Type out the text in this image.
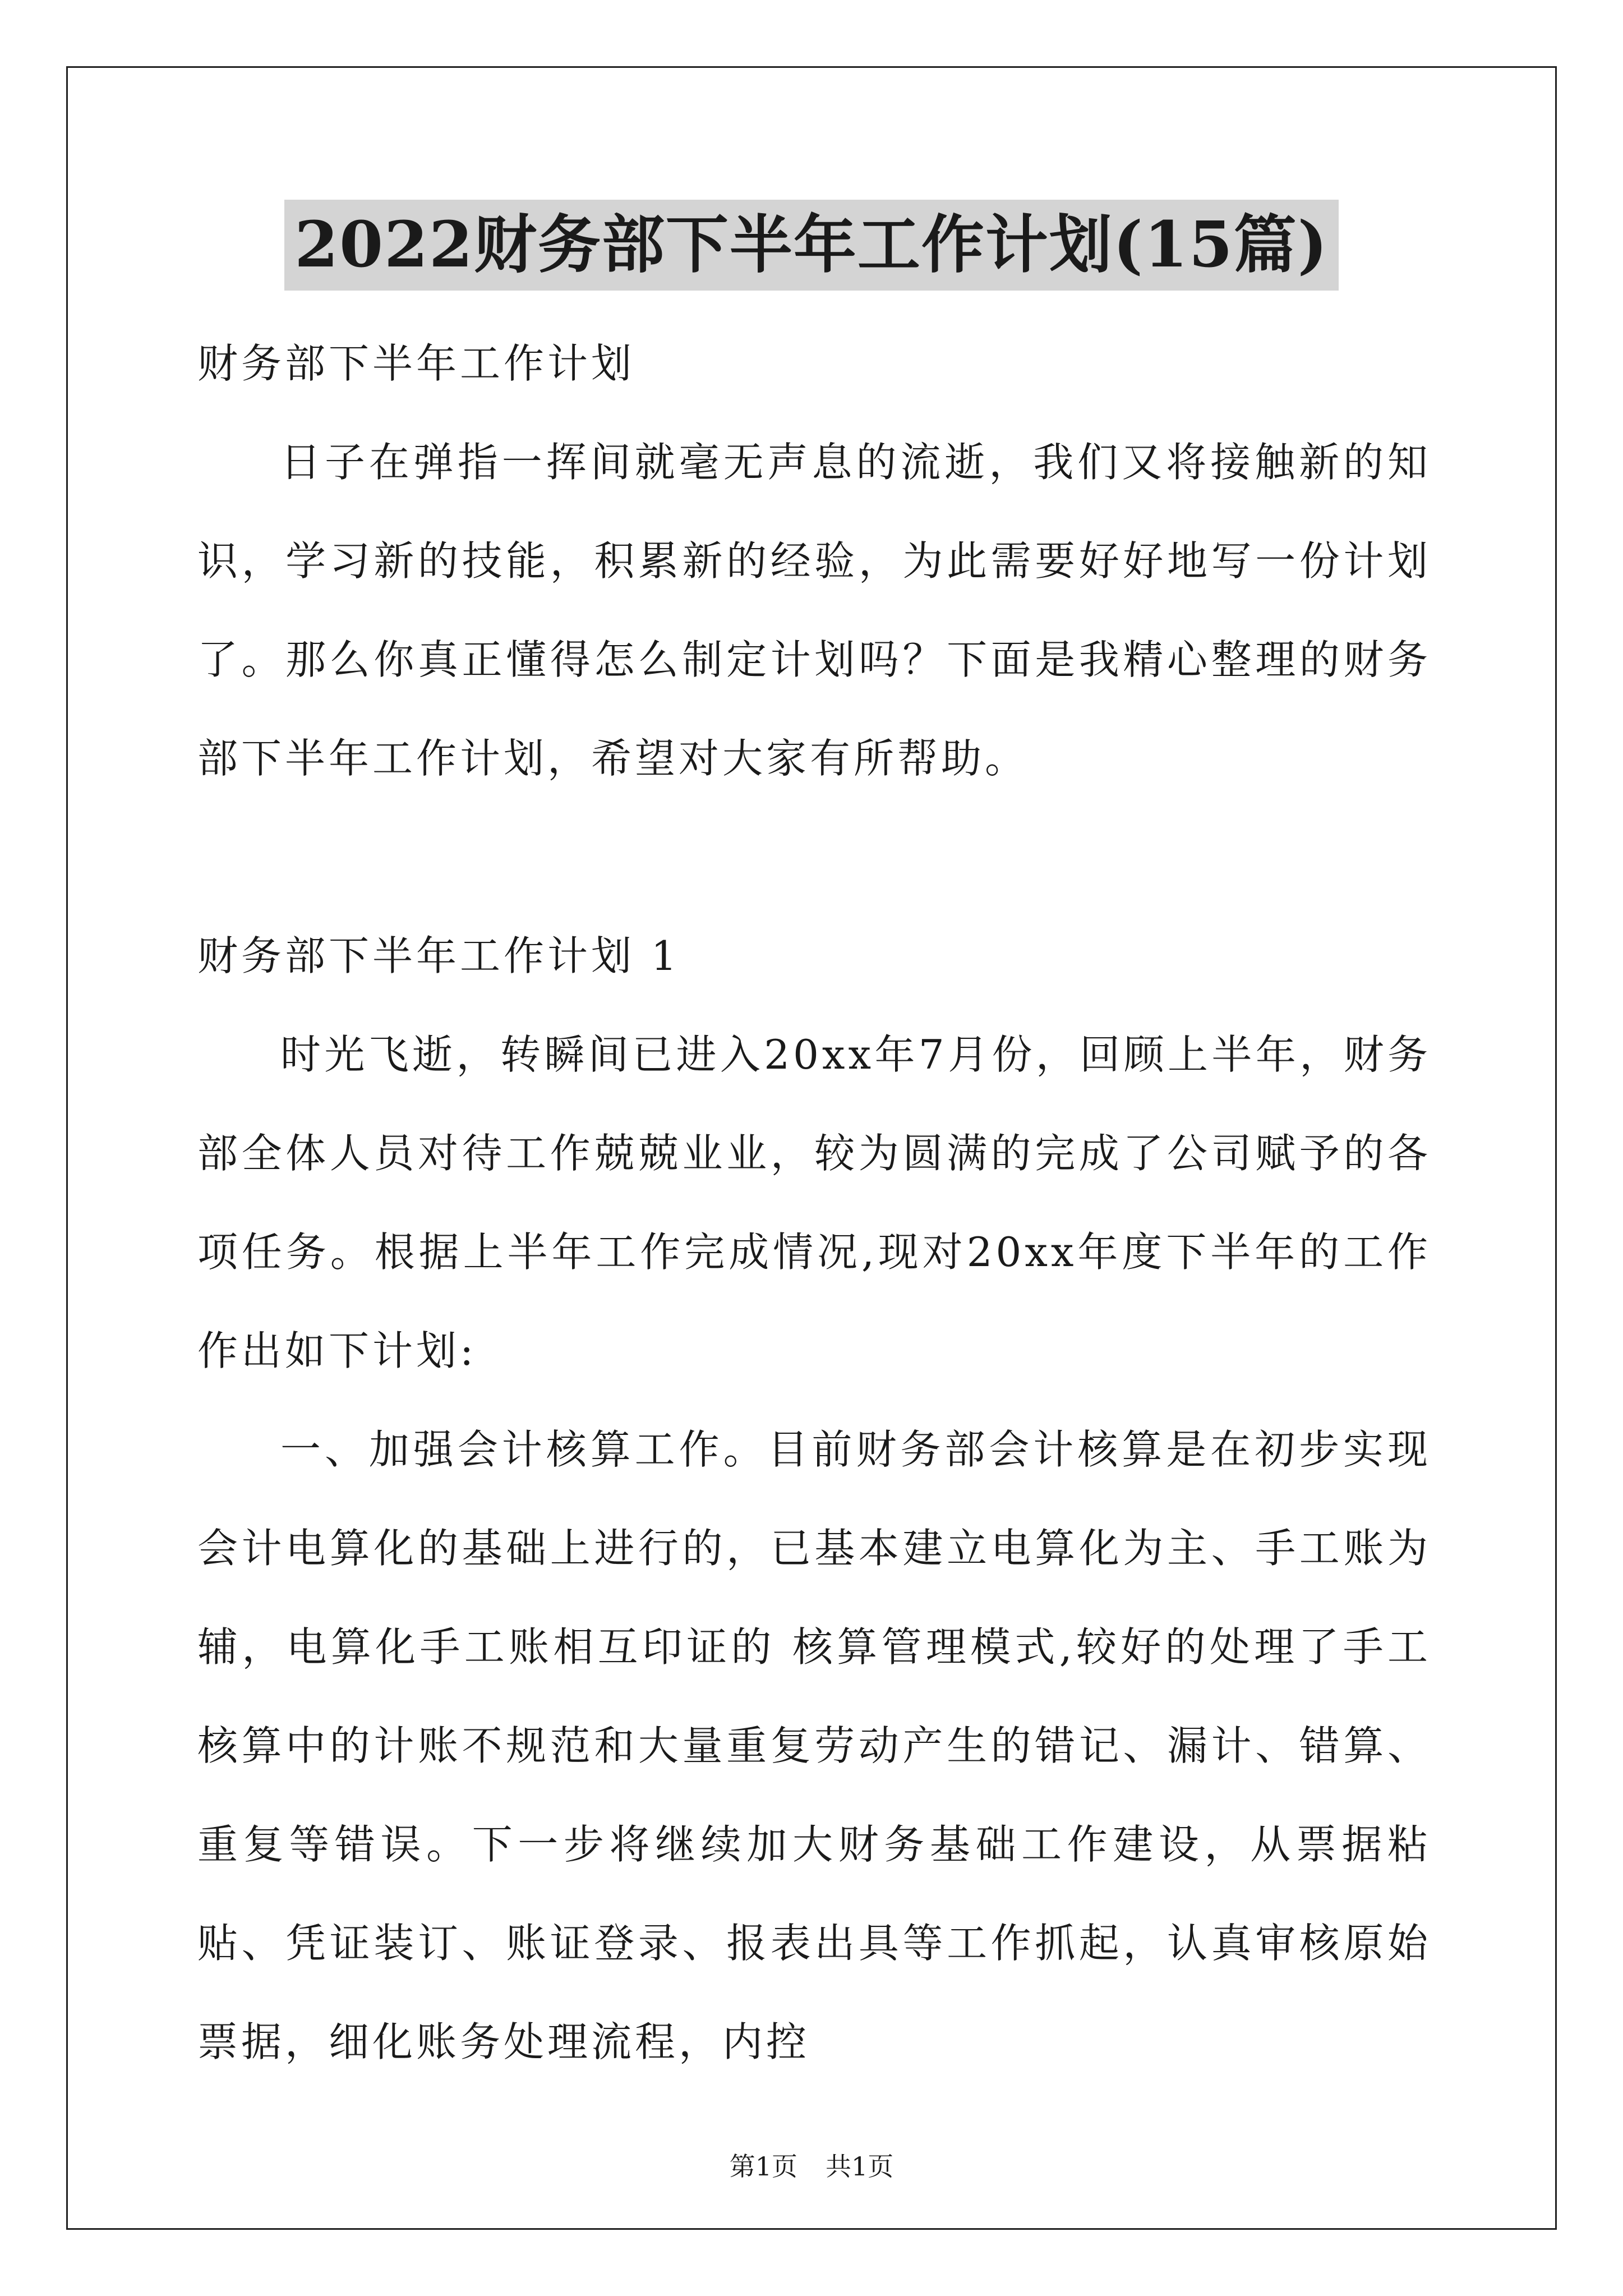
2022财务部下半年工作计划(15篇)

财务部下半年工作计划

日子在弹指一挥间就毫无声息的流逝，我们又将接触新的知识，学习新的技能，积累新的经验，为此需要好好地写一份计划了。那么你真正懂得怎么制定计划吗？下面是我精心整理的财务部下半年工作计划，希望对大家有所帮助。

财务部下半年工作计划 1

时光飞逝，转瞬间已进入20xx年7月份，回顾上半年，财务部全体人员对待工作兢兢业业，较为圆满的完成了公司赋予的各项任务。根据上半年工作完成情况,现对20xx年度下半年的工作作出如下计划:

一、加强会计核算工作。目前财务部会计核算是在初步实现会计电算化的基础上进行的，已基本建立电算化为主、手工账为辅，电算化手工账相互印证的 核算管理模式,较好的处理了手工核算中的计账不规范和大量重复劳动产生的错记、漏计、错算、重复等错误。下一步将继续加大财务基础工作建设，从票据粘贴、凭证装订、账证登录、报表出具等工作抓起，认真审核原始票据，细化账务处理流程，内控

第1页 共1页
